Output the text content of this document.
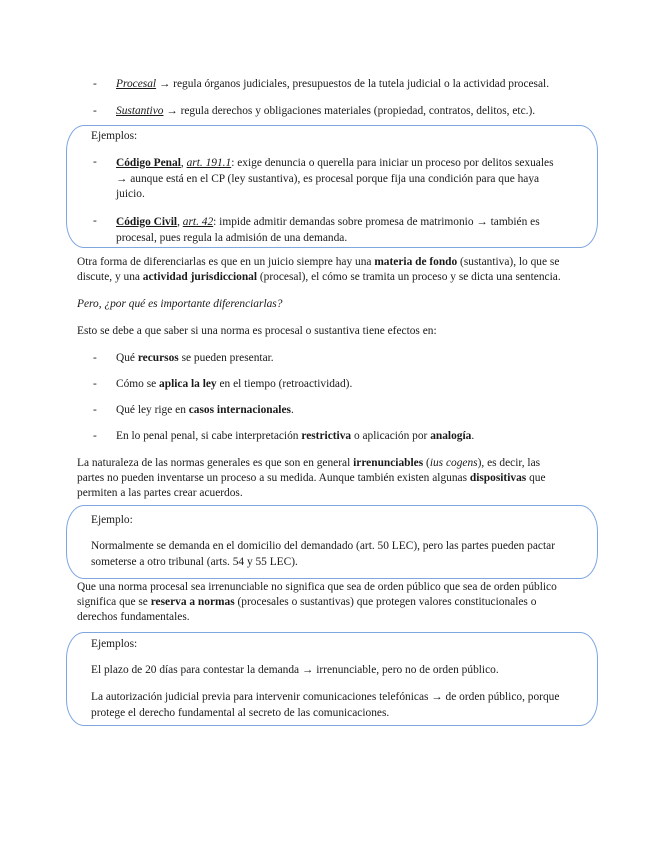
-	Procesal → regula órganos judiciales, presupuestos de la tutela judicial o la actividad procesal.
-	Sustantivo → regula derechos y obligaciones materiales (propiedad, contratos, delitos, etc.).
Ejemplos:
-	Código Penal, art. 191.1: exige denuncia o querella para iniciar un proceso por delitos sexuales
→ aunque está en el CP (ley sustantiva), es procesal porque fija una condición para que haya
juicio.
-	Código Civil, art. 42: impide admitir demandas sobre promesa de matrimonio → también es
procesal, pues regula la admisión de una demanda.
Otra forma de diferenciarlas es que en un juicio siempre hay una materia de fondo (sustantiva), lo que se
discute, y una actividad jurisdiccional (procesal), el cómo se tramita un proceso y se dicta una sentencia.
Pero, ¿por qué es importante diferenciarlas?
Esto se debe a que saber si una norma es procesal o sustantiva tiene efectos en:
-	Qué recursos se pueden presentar.
-	Cómo se aplica la ley en el tiempo (retroactividad).
-	Qué ley rige en casos internacionales.
-	En lo penal penal, si cabe interpretación restrictiva o aplicación por analogía.
La naturaleza de las normas generales es que son en general irrenunciables (ius cogens), es decir, las
partes no pueden inventarse un proceso a su medida. Aunque también existen algunas dispositivas que
permiten a las partes crear acuerdos.
Ejemplo:
Normalmente se demanda en el domicilio del demandado (art. 50 LEC), pero las partes pueden pactar
someterse a otro tribunal (arts. 54 y 55 LEC).
Que una norma procesal sea irrenunciable no significa que sea de orden público que sea de orden público
significa que se reserva a normas (procesales o sustantivas) que protegen valores constitucionales o
derechos fundamentales.
Ejemplos:
El plazo de 20 días para contestar la demanda → irrenunciable, pero no de orden público.
La autorización judicial previa para intervenir comunicaciones telefónicas → de orden público, porque
protege el derecho fundamental al secreto de las comunicaciones.
